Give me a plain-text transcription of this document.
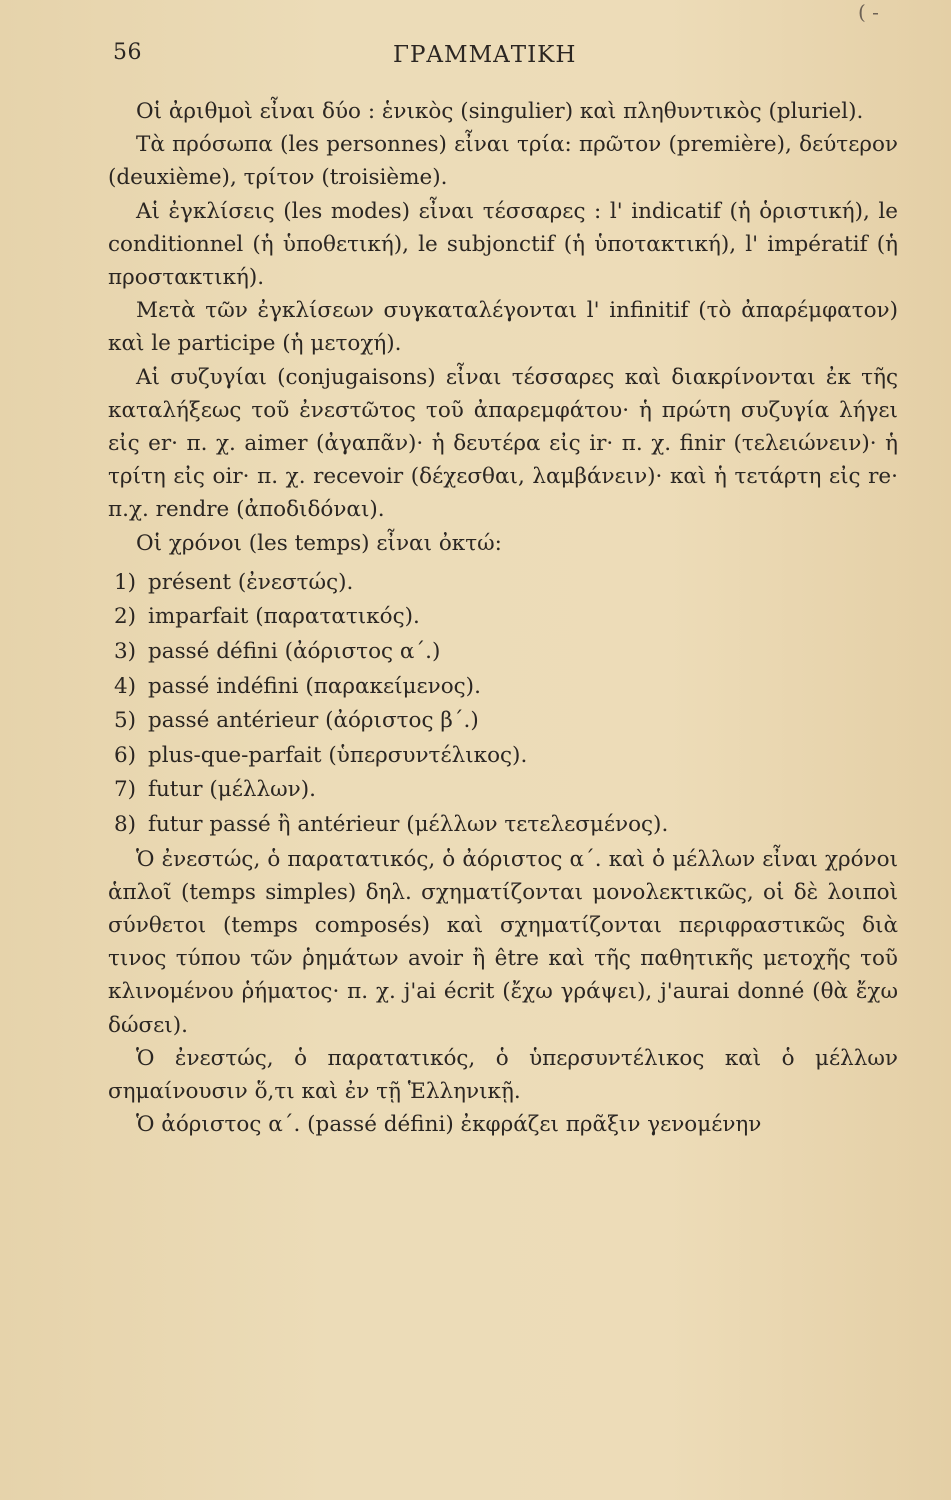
56	ΓΡΑΜΜΑΤΙΚΗ
( -

Οἱ ἀριθμοὶ εἶναι δύο : ἑνικὸς (singulier) καὶ πληθυντικὸς (pluriel).

Τὰ πρόσωπα (les personnes) εἶναι τρία: πρῶτον (première), δεύτερον (deuxième), τρίτον (troisième).

Αἱ ἐγκλίσεις (les modes) εἶναι τέσσαρες : l' indicatif (ἡ ὁριστική), le conditionnel (ἡ ὑποθετική), le subjonctif (ἡ ὑποτακτική), l' impératif (ἡ προστακτική).

Μετὰ τῶν ἐγκλίσεων συγκαταλέγονται l' infinitif (τὸ ἀπαρέμφατον) καὶ le participe (ἡ μετοχή).

Αἱ συζυγίαι (conjugaisons) εἶναι τέσσαρες καὶ διακρίνονται ἐκ τῆς καταλήξεως τοῦ ἐνεστῶτος τοῦ ἀπαρεμφάτου· ἡ πρώτη συζυγία λήγει εἰς er· π. χ. aimer (ἀγαπᾶν)· ἡ δευτέρα εἰς ir· π. χ. finir (τελειώνειν)· ἡ τρίτη εἰς oir· π. χ. recevoir (δέχεσθαι, λαμβάνειν)· καὶ ἡ τετάρτη εἰς re· π.χ. rendre (ἀποδιδόναι).

Οἱ χρόνοι (les temps) εἶναι ὀκτώ:

1) présent (ἐνεστώς).
2) imparfait (παρατατικός).
3) passé défini (ἀόριστος α΄.)
4) passé indéfini (παρακείμενος).
5) passé antérieur (ἀόριστος β΄.)
6) plus-que-parfait (ὑπερσυντέλικος).
7) futur (μέλλων).
8) futur passé ἢ antérieur (μέλλων τετελεσμένος).

Ὁ ἐνεστώς, ὁ παρατατικός, ὁ ἀόριστος α΄. καὶ ὁ μέλλων εἶναι χρόνοι ἁπλοῖ (temps simples) δηλ. σχηματίζονται μονολεκτικῶς, οἱ δὲ λοιποὶ σύνθετοι (temps composés) καὶ σχηματίζονται περιφραστικῶς διὰ τινος τύπου τῶν ῥημάτων avoir ἢ être καὶ τῆς παθητικῆς μετοχῆς τοῦ κλινομένου ῥήματος· π. χ. j'ai écrit (ἔχω γράψει), j'aurai donné (θὰ ἔχω δώσει).

Ὁ ἐνεστώς, ὁ παρατατικός, ὁ ὑπερσυντέλικος καὶ ὁ μέλλων σημαίνουσιν ὅ,τι καὶ ἐν τῇ Ἑλληνικῇ.

Ὁ ἀόριστος α΄. (passé défini) ἐκφράζει πρᾶξιν γενομένην
